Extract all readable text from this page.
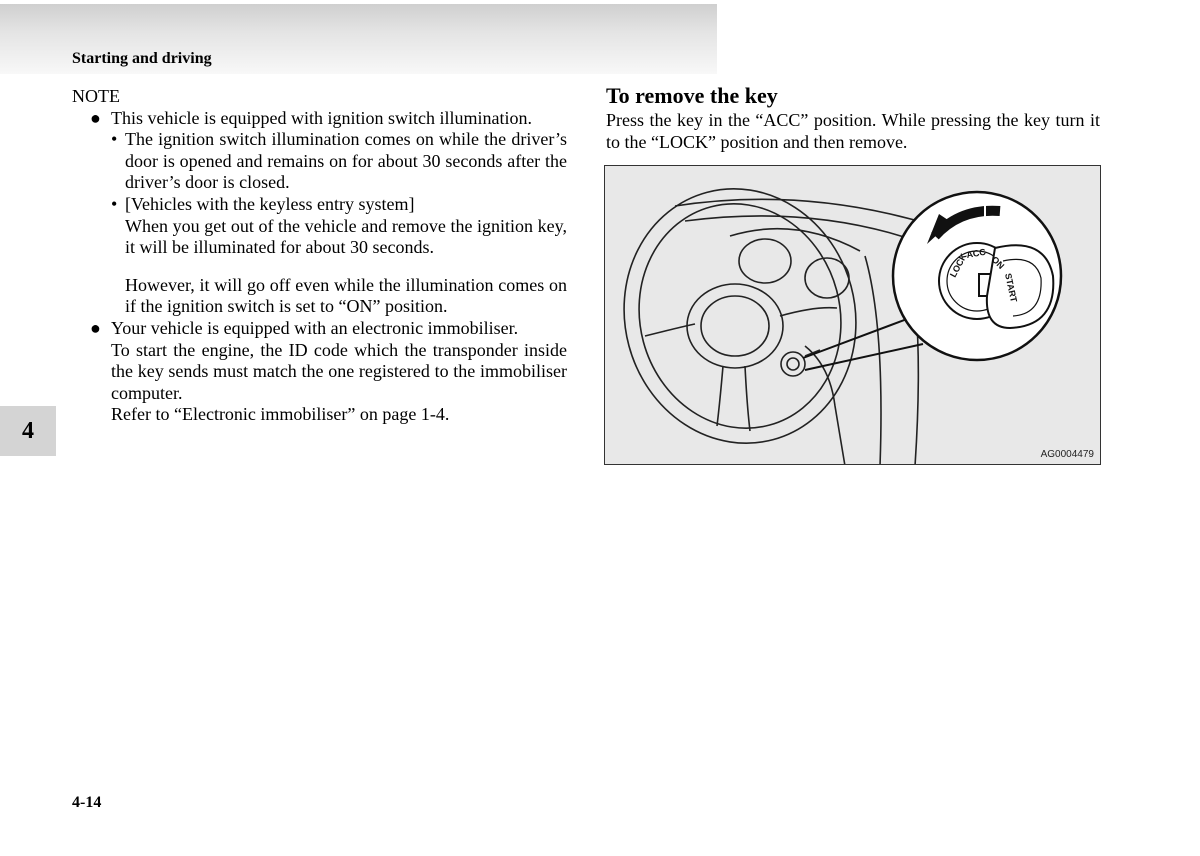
Starting and driving
4
4-14

NOTE

● This vehicle is equipped with ignition switch illumination.

• The ignition switch illumination comes on while the driver’s door is opened and remains on for about 30 seconds after the driver’s door is closed.
• [Vehicles with the keyless entry system]

When you get out of the vehicle and remove the ignition key, it will be illuminated for about 30 seconds.

However, it will go off even while the illumination comes on if the ignition switch is set to “ON” position.

● Your vehicle is equipped with an electronic immobiliser.

To start the engine, the ID code which the transponder inside the key sends must match the one registered to the immobiliser computer.

Refer to “Electronic immobiliser” on page 1-4.

To remove the key

Press the key in the “ACC” position. While pressing the key turn it to the “LOCK” position and then remove.

LOCK
ACC
ON
START
AG0004479
